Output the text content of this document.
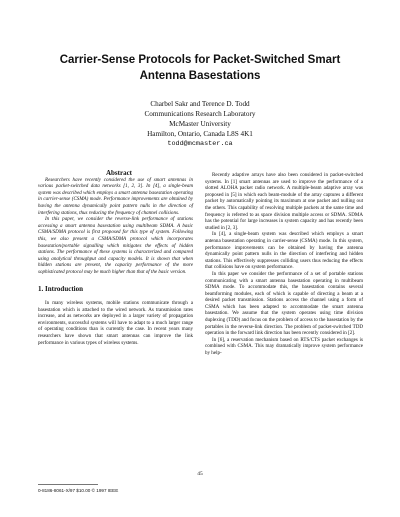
Carrier-Sense Protocols for Packet-Switched Smart
Antenna Basestations
Charbel Sakr and Terence D. Todd
Communications Research Laboratory
McMaster University
Hamilton, Ontario, Canada L8S 4K1
todd@mcmaster.ca

Abstract

Researchers have recently considered the use of smart antennas in various packet-switched data networks [1, 2, 3]. In [4], a single-beam system was described which employs a smart antenna basestation operating in carrier-sense (CSMA) mode. Performance improvements are obtained by having the antenna dynamically point pattern nulls in the direction of interfering stations, thus reducing the frequency of channel collisions.

In this paper, we consider the reverse-link performance of stations accessing a smart antenna basestation using multibeam SDMA. A basic CSMA/SDMA protocol is first proposed for this type of system. Following this, we also present a CSMA/SDMA protocol which incorporates basestation/portable signalling which mitigates the effects of hidden stations. The performance of these systems is characterized and compared using analytical throughput and capacity models. It is shown that when hidden stations are present, the capacity performance of the more sophisticated protocol may be much higher than that of the basic version.

1. Introduction

In many wireless systems, mobile stations communicate through a basestation which is attached to the wired network. As transmission rates increase, and as networks are deployed in a larger variety of propagation environments, successful systems will have to adapt to a much larger range of operating conditions than is currently the case. In recent years many researchers have shown that smart antennas can improve the link performance in various types of wireless systems.

Recently adaptive arrays have also been considered in packet-switched systems. In [1] smart antennas are used to improve the performance of a slotted ALOHA packet radio network. A multiple-beam adaptive array was proposed in [5] in which each beam-module of the array captures a different packet by automatically pointing its maximum at one packet and nulling out the others. This capability of resolving multiple packets at the same time and frequency is referred to as space division multiple access or SDMA. SDMA has the potential for large increases in system capacity and has recently been studied in [2, 3].

In [4], a single-beam system was described which employs a smart antenna basestation operating in carrier-sense (CSMA) mode. In this system, performance improvements can be obtained by having the antenna dynamically point pattern nulls in the direction of interfering and hidden stations. This effectively suppresses colliding users thus reducing the effects that collisions have on system performance.

In this paper we consider the performance of a set of portable stations communicating with a smart antenna basestation operating in multibeam SDMA mode. To accommodate this, the basestation contains several beamforming modules, each of which is capable of directing a beam at a desired packet transmission. Stations access the channel using a form of CSMA which has been adapted to accommodate the smart antenna basestation. We assume that the system operates using time division duplexing (TDD) and focus on the problem of access to the basestation by the portables in the reverse-link direction. The problem of packet-switched TDD operation in the forward link direction has been recently considered in [2].

In [6], a reservation mechanism based on RTS/CTS packet exchanges is combined with CSMA. This may dramatically improve system performance by help-

45
0-8186-8061-X/97 $10.00 © 1997 IEEE
